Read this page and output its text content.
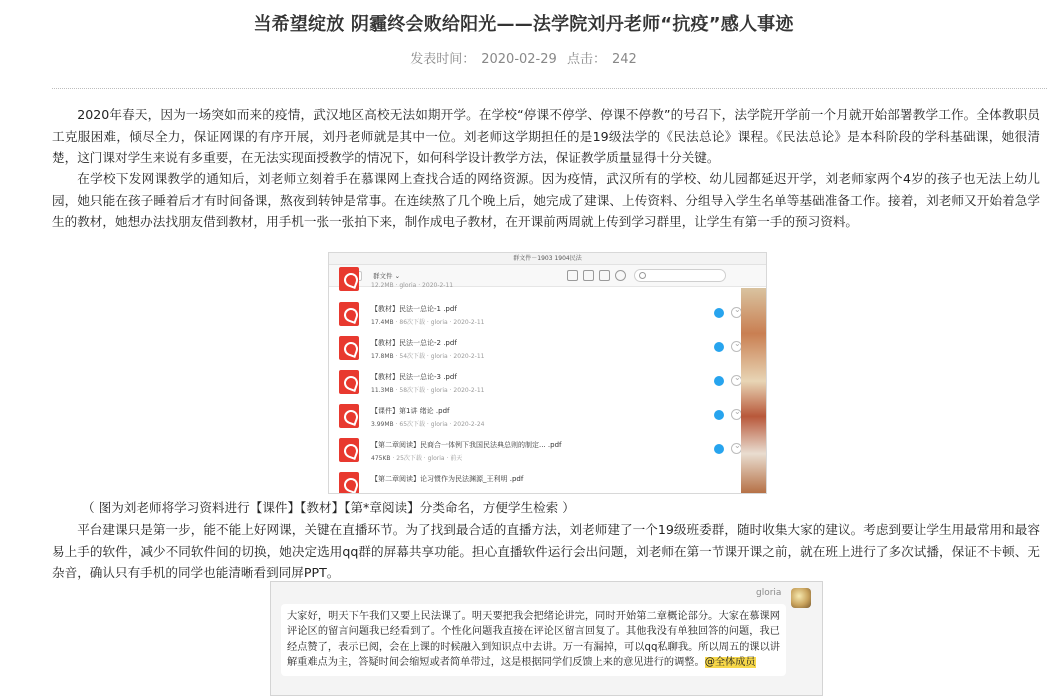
当希望绽放 阴霾终会败给阳光——法学院刘丹老师“抗疫”感人事迹
发表时间： 2020-02-29 点击： 242

2020年春天，因为一场突如而来的疫情，武汉地区高校无法如期开学。在学校“停课不停学、停课不停教”的号召下，法学院开学前一个月就开始部署教学工作。全体教职员工克服困难，倾尽全力，保证网课的有序开展，刘丹老师就是其中一位。刘老师这学期担任的是19级法学的《民法总论》课程。《民法总论》是本科阶段的学科基础课，她很清楚，这门课对学生来说有多重要，在无法实现面授教学的情况下，如何科学设计教学方法，保证教学质量显得十分关键。

在学校下发网课教学的通知后，刘老师立刻着手在慕课网上查找合适的网络资源。因为疫情，武汉所有的学校、幼儿园都延迟开学，刘老师家两个4岁的孩子也无法上幼儿园，她只能在孩子睡着后才有时间备课，熬夜到转钟是常事。在连续熬了几个晚上后，她完成了建课、上传资料、分组导入学生名单等基础准备工作。接着，刘老师又开始着急学生的教材，她想办法找朋友借到教材，用手机一张一张拍下来，制作成电子教材，在开课前两周就上传到学习群里，让学生有第一手的预习资料。

群文件－1903 1904民法
群文件 ⌄
12.2MB · gloria · 2020-2-11
【教材】民法一总论-1 .pdf
17.4MB · 86次下载 · gloria · 2020-2-11
⌄
【教材】民法一总论-2 .pdf
17.8MB · 54次下载 · gloria · 2020-2-11
⌄
【教材】民法一总论-3 .pdf
11.3MB · 58次下载 · gloria · 2020-2-11
⌄
【课件】第1讲 绪论 .pdf
3.99MB · 65次下载 · gloria · 2020-2-24
⌄
【第二章阅读】民商合一体例下我国民法典总则的制定... .pdf
475KB · 25次下载 · gloria · 前天
⌄
【第二章阅读】论习惯作为民法渊源_王利明 .pdf

（ 图为刘老师将学习资料进行【课件】【教材】【第*章阅读】分类命名，方便学生检索 ）

平台建课只是第一步，能不能上好网课，关键在直播环节。为了找到最合适的直播方法，刘老师建了一个19级班委群，随时收集大家的建议。考虑到要让学生用最常用和最容易上手的软件，减少不同软件间的切换，她决定选用qq群的屏幕共享功能。担心直播软件运行会出问题，刘老师在第一节课开课之前，就在班上进行了多次试播，保证不卡顿、无杂音，确认只有手机的同学也能清晰看到同屏PPT。

gloria
大家好，明天下午我们又要上民法课了。明天要把我会把绪论讲完，同时开始第二章概论部分。大家在慕课网评论区的留言问题我已经看到了。个性化问题我直接在评论区留言回复了。其他我没有单独回答的问题，我已经点赞了，表示已阅，会在上课的时候融入到知识点中去讲。万一有漏掉，可以qq私聊我。所以周五的课以讲解重难点为主，答疑时间会缩短或者简单带过，这是根据同学们反馈上来的意见进行的调整。@全体成员
